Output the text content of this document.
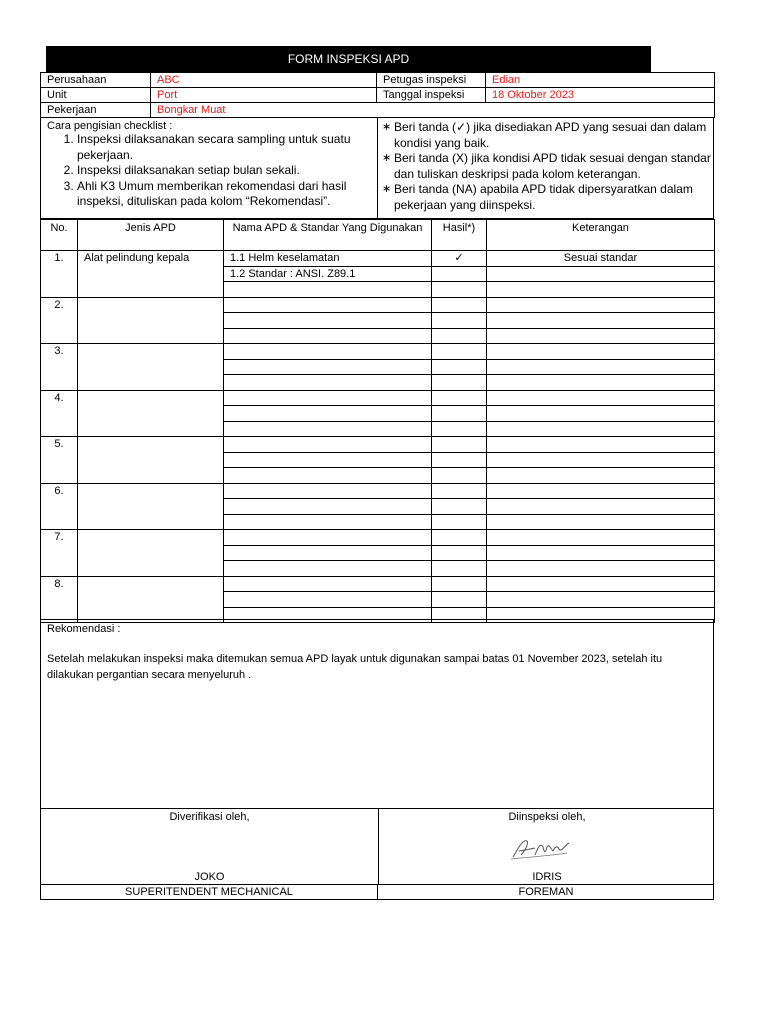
FORM INSPEKSI APD
Perusahaan	ABC	Petugas inspeksi	Edian
Unit	Port	Tanggal inspeksi	18 Oktober 2023
Pekerjaan	Bongkar Muat		
Cara pengisian checklist :
1. Inspeksi dilaksanakan secara sampling untuk suatu pekerjaan.
2. Inspeksi dilaksanakan setiap bulan sekali.
3. Ahli K3 Umum memberikan rekomendasi dari hasil inspeksi, dituliskan pada kolom “Rekomendasi”.
∗ Beri tanda (✓) jika disediakan APD yang sesuai dan dalam kondisi yang baik.
∗ Beri tanda (X) jika kondisi APD tidak sesuai dengan standar dan tuliskan deskripsi pada kolom keterangan.
∗ Beri tanda (NA) apabila APD tidak dipersyaratkan dalam pekerjaan yang diinspeksi.
No.	Jenis APD	Nama APD & Standar Yang Digunakan	Hasil*)	Keterangan
1.	Alat pelindung kepala	1.1 Helm keselamatan	✓	Sesuai standar
		1.2 Standar : ANSI. Z89.1		

2.				

3.				

4.				

5.				

6.				

7.				

8.				

Rekomendasi :
Setelah melakukan inspeksi maka ditemukan semua APD layak untuk digunakan sampai batas 01 November 2023, setelah itu dilakukan pergantian secara menyeluruh .
Diverifikasi oleh,
JOKO
Diinspeksi oleh,
IDRIS
SUPERITENDENT MECHANICAL	FOREMAN
